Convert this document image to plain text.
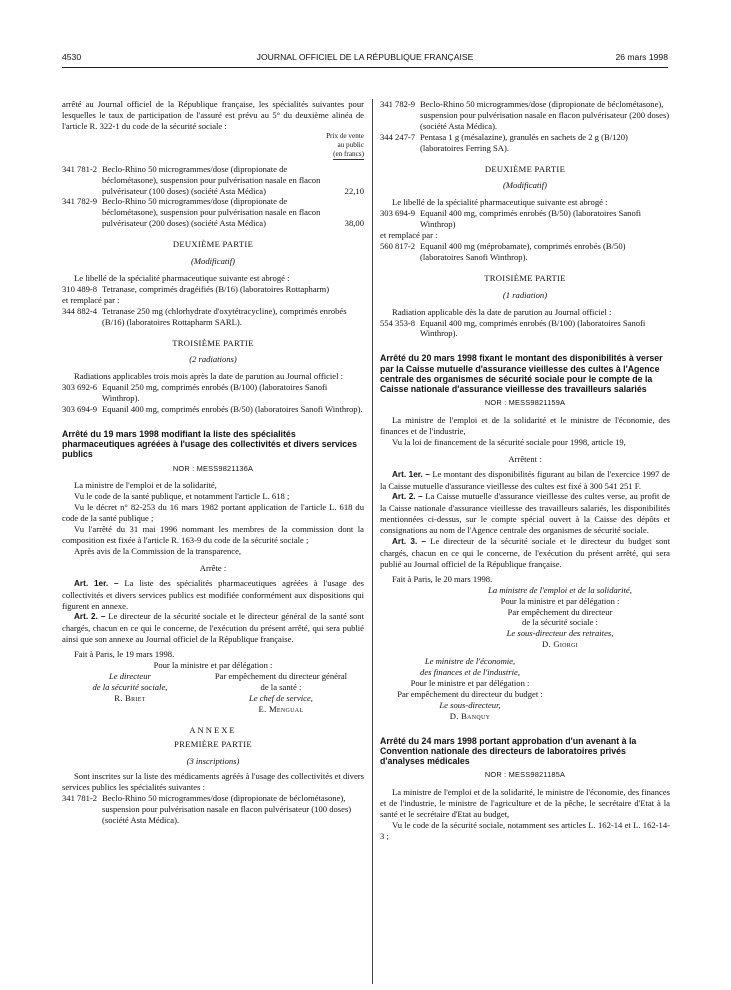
4530	JOURNAL OFFICIEL DE LA RÉPUBLIQUE FRANÇAISE	26 mars 1998

arrêté au Journal officiel de la République française, les spécialités suivantes pour lesquelles le taux de participation de l'assuré est prévu au 5° du deuxième alinéa de l'article R. 322-1 du code de la sécurité sociale :

Prix de vente
au public
(en francs)
341 781-2 Beclo-Rhino 50 microgrammes/dose (dipropionate de béclométasone), suspension pour pulvérisation nasale en flacon pulvérisateur (100 doses) (société Asta Médica)	22,10
341 782-9 Beclo-Rhino 50 microgrammes/dose (dipropionate de béclométasone), suspension pour pulvérisation nasale en flacon pulvérisateur (200 doses) (société Asta Médica)	38,00

DEUXIÈME PARTIE

(Modificatif)

Le libellé de la spécialité pharmaceutique suivante est abrogé :

310 489-8 Tetranase, comprimés dragéifiés (B/16) (laboratoires Rottapharm)

et remplacé par :

344 882-4 Tetranase 250 mg (chlorhydrate d'oxytétracycline), comprimés enrobés (B/16) (laboratoires Rottapharm SARL).

TROISIÈME PARTIE

(2 radiations)

Radiations applicables trois mois après la date de parution au Journal officiel :

303 692-6 Equanil 250 mg, comprimés enrobés (B/100) (laboratoires Sanofi Winthrop).
303 694-9 Equanil 400 mg, comprimés enrobés (B/50) (laboratoires Sanofi Winthrop).

Arrêté du 19 mars 1998 modifiant la liste des spécialités pharmaceutiques agréées à l'usage des collectivités et divers services publics

NOR : MESS9821136A

La ministre de l'emploi et de la solidarité,

Vu le code de la santé publique, et notamment l'article L. 618 ;

Vu le décret n° 82-253 du 16 mars 1982 portant application de l'article L. 618 du code de la santé publique ;

Vu l'arrêté du 31 mai 1996 nommant les membres de la commission dont la composition est fixée à l'article R. 163-9 du code de la sécurité sociale ;

Après avis de la Commission de la transparence,

Arrête :

Art. 1er. – La liste des spécialités pharmaceutiques agréées à l'usage des collectivités et divers services publics est modifiée conformément aux dispositions qui figurent en annexe.

Art. 2. – Le directeur de la sécurité sociale et le directeur général de la santé sont chargés, chacun en ce qui le concerne, de l'exécution du présent arrêté, qui sera publié ainsi que son annexe au Journal officiel de la République française.

Fait à Paris, le 19 mars 1998.

Pour la ministre et par délégation :

Le directeur
de la sécurité sociale,
R. Briet
Par empêchement du directeur général
de la santé :
Le chef de service,
E. Mengual

ANNEXE

PREMIÈRE PARTIE

(3 inscriptions)

Sont inscrites sur la liste des médicaments agréés à l'usage des collectivités et divers services publics les spécialités suivantes :

341 781-2 Beclo-Rhino 50 microgrammes/dose (dipropionate de béclométasone), suspension pour pulvérisation nasale en flacon pulvérisateur (100 doses) (société Asta Médica).
341 782-9 Beclo-Rhino 50 microgrammes/dose (dipropionate de béclométasone), suspension pour pulvérisation nasale en flacon pulvérisateur (200 doses) (société Asta Médica).
344 247-7 Pentasa 1 g (mésalazine), granulés en sachets de 2 g (B/120) (laboratoires Ferring SA).

DEUXIÈME PARTIE

(Modificatif)

Le libellé de la spécialité pharmaceutique suivante est abrogé :

303 694-9 Equanil 400 mg, comprimés enrobés (B/50) (laboratoires Sanofi Winthrop)

et remplacé par :

560 817-2 Equanil 400 mg (méprobamate), comprimés enrobés (B/50) (laboratoires Sanofi Winthrop).

TROISIÈME PARTIE

(1 radiation)

Radiation applicable dès la date de parution au Journal officiel :

554 353-8 Equanil 400 mg, comprimés enrobés (B/100) (laboratoires Sanofi Winthrop).

Arrêté du 20 mars 1998 fixant le montant des disponibilités à verser par la Caisse mutuelle d'assurance vieillesse des cultes à l'Agence centrale des organismes de sécurité sociale pour le compte de la Caisse nationale d'assurance vieillesse des travailleurs salariés

NOR : MESS9821159A

La ministre de l'emploi et de la solidarité et le ministre de l'économie, des finances et de l'industrie,

Vu la loi de financement de la sécurité sociale pour 1998, article 19,

Arrêtent :

Art. 1er. – Le montant des disponibilités figurant au bilan de l'exercice 1997 de la Caisse mutuelle d'assurance vieillesse des cultes est fixé à 300 541 251 F.

Art. 2. – La Caisse mutuelle d'assurance vieillesse des cultes verse, au profit de la Caisse nationale d'assurance vieillesse des travailleurs salariés, les disponibilités mentionnées ci-dessus, sur le compte spécial ouvert à la Caisse des dépôts et consignations au nom de l'Agence centrale des organismes de sécurité sociale.

Art. 3. – Le directeur de la sécurité sociale et le directeur du budget sont chargés, chacun en ce qui le concerne, de l'exécution du présent arrêté, qui sera publié au Journal officiel de la République française.

Fait à Paris, le 20 mars 1998.

La ministre de l'emploi et de la solidarité,
Pour la ministre et par délégation :
Par empêchement du directeur
de la sécurité sociale :
Le sous-directeur des retraites,
D. Giorgi
Le ministre de l'économie,
des finances et de l'industrie,
Pour le ministre et par délégation :
Par empêchement du directeur du budget :
Le sous-directeur,
D. Banquy

Arrêté du 24 mars 1998 portant approbation d'un avenant à la Convention nationale des directeurs de laboratoires privés d'analyses médicales

NOR : MESS9821185A

La ministre de l'emploi et de la solidarité, le ministre de l'économie, des finances et de l'industrie, le ministre de l'agriculture et de la pêche, le secrétaire d'Etat à la santé et le secrétaire d'Etat au budget,

Vu le code de la sécurité sociale, notamment ses articles L. 162-14 et L. 162-14-3 ;
